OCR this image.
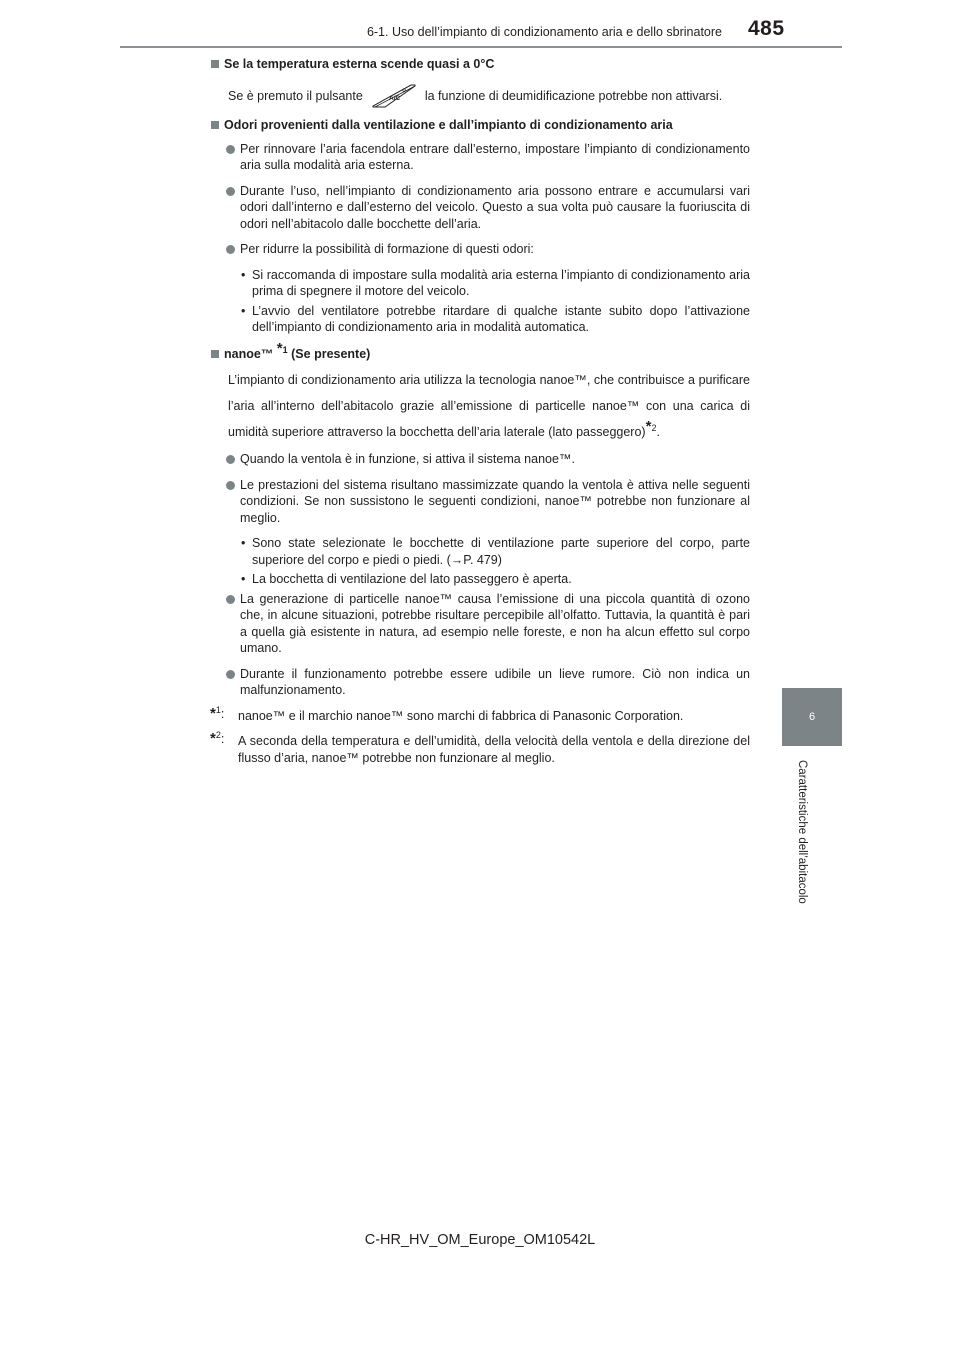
6-1. Uso dell’impianto di condizionamento aria e dello sbrinatore 485
6
Caratteristiche dell’abitacolo
Se la temperatura esterna scende quasi a 0°C
Se è premuto il pulsante	A/C la funzione di deumidificazione potrebbe non attivarsi.
Odori provenienti dalla ventilazione e dall’impianto di condizionamento aria
Per rinnovare l’aria facendola entrare dall’esterno, impostare l’impianto di condizionamento aria sulla modalità aria esterna.
Durante l’uso, nell’impianto di condizionamento aria possono entrare e accumularsi vari odori dall’interno e dall’esterno del veicolo. Questo a sua volta può causare la fuoriuscita di odori nell’abitacolo dalle bocchette dell’aria.
Per ridurre la possibilità di formazione di questi odori:
• Si raccomanda di impostare sulla modalità aria esterna l’impianto di condizionamento aria prima di spegnere il motore del veicolo.
• L’avvio del ventilatore potrebbe ritardare di qualche istante subito dopo l’attivazione dell’impianto di condizionamento aria in modalità automatica.
nanoe™ $^{*1}$ (Se presente)
L’impianto di condizionamento aria utilizza la tecnologia nanoe™, che contribuisce a purificare l’aria all’interno dell’abitacolo grazie all’emissione di particelle nanoe™ con una carica di umidità superiore attraverso la bocchetta dell’aria laterale (lato passeggero)$^{*2}$.
Quando la ventola è in funzione, si attiva il sistema nanoe™.
Le prestazioni del sistema risultano massimizzate quando la ventola è attiva nelle seguenti condizioni. Se non sussistono le seguenti condizioni, nanoe™ potrebbe non funzionare al meglio.
• Sono state selezionate le bocchette di ventilazione parte superiore del corpo, parte superiore del corpo e piedi o piedi. (→P. 479)
• La bocchetta di ventilazione del lato passeggero è aperta.
La generazione di particelle nanoe™ causa l’emissione di una piccola quantità di ozono che, in alcune situazioni, potrebbe risultare percepibile all’olfatto. Tuttavia, la quantità è pari a quella già esistente in natura, ad esempio nelle foreste, e non ha alcun effetto sul corpo umano.
Durante il funzionamento potrebbe essere udibile un lieve rumore. Ciò non indica un malfunzionamento.
*$^1$: nanoe™ e il marchio nanoe™ sono marchi di fabbrica di Panasonic Corporation.
*$^2$: A seconda della temperatura e dell’umidità, della velocità della ventola e della direzione del flusso d’aria, nanoe™ potrebbe non funzionare al meglio.
C-HR_HV_OM_Europe_OM10542L
